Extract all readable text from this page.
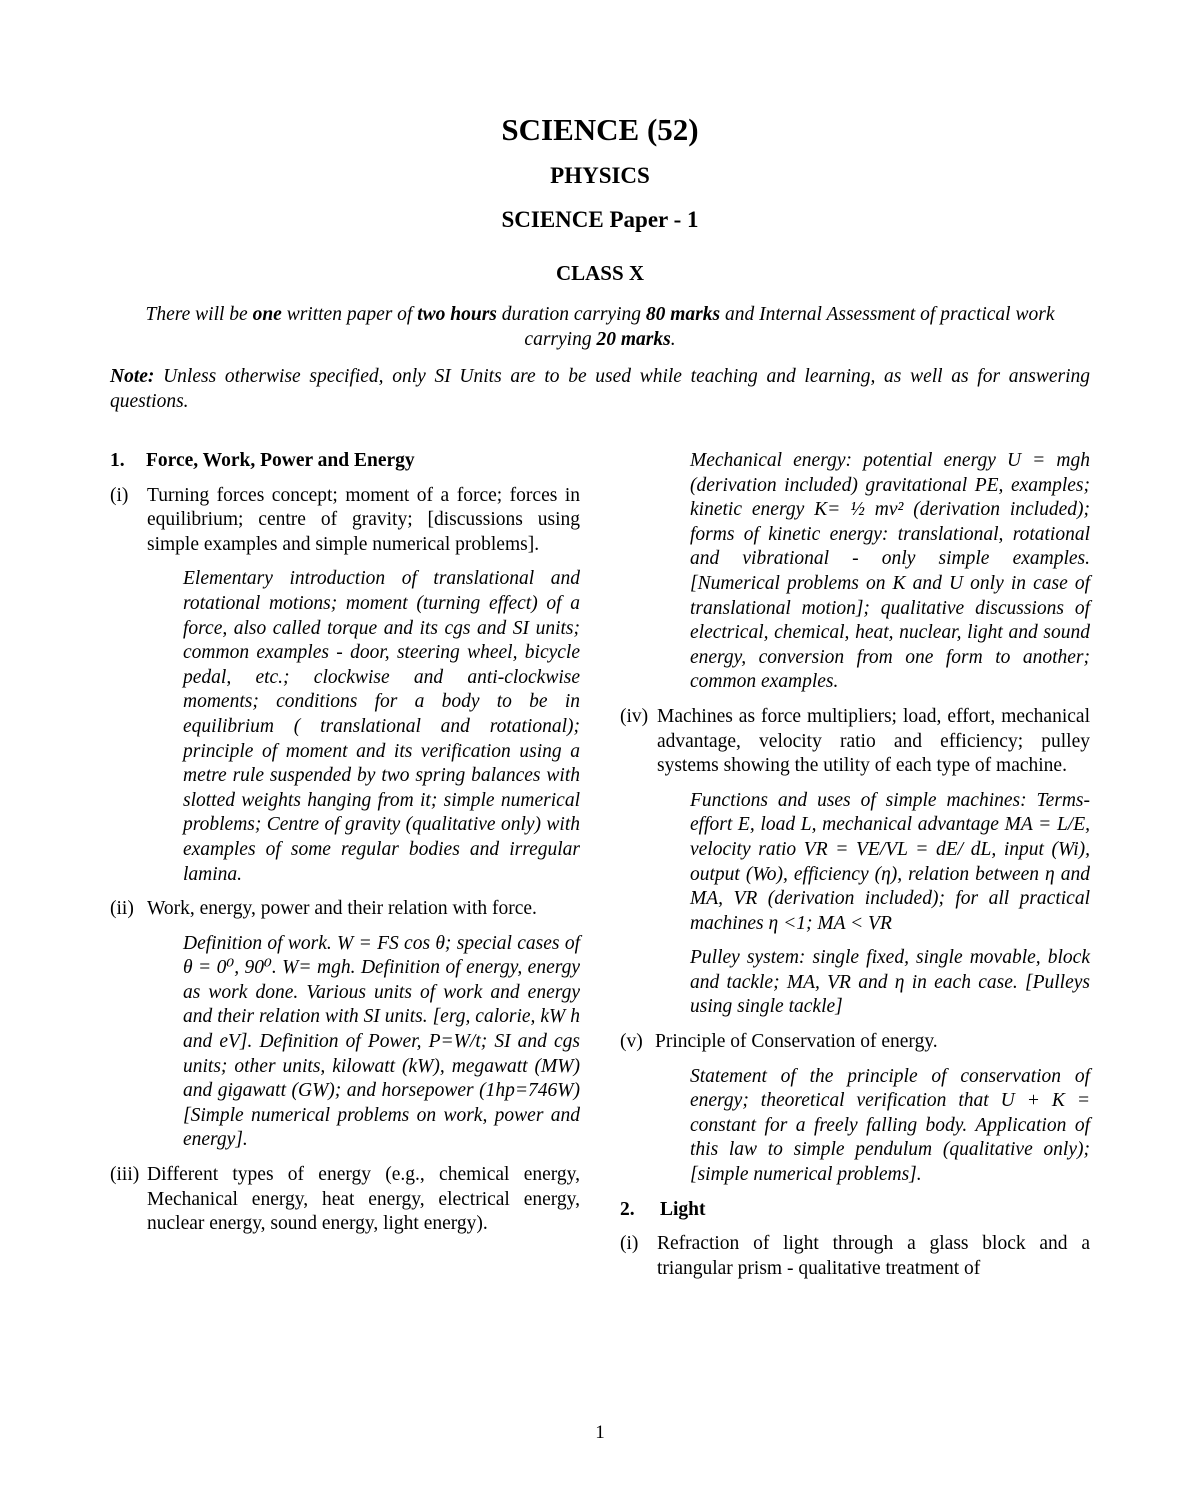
SCIENCE (52)
PHYSICS
SCIENCE Paper - 1
CLASS X
There will be one written paper of two hours duration carrying 80 marks and Internal Assessment of practical work carrying 20 marks.
Note: Unless otherwise specified, only SI Units are to be used while teaching and learning, as well as for answering questions.
1.	Force, Work, Power and Energy
(i) Turning forces concept; moment of a force; forces in equilibrium; centre of gravity; [discussions using simple examples and simple numerical problems].
Elementary introduction of translational and rotational motions; moment (turning effect) of a force, also called torque and its cgs and SI units; common examples - door, steering wheel, bicycle pedal, etc.; clockwise and anti-clockwise moments; conditions for a body to be in equilibrium ( translational and rotational); principle of moment and its verification using a metre rule suspended by two spring balances with slotted weights hanging from it; simple numerical problems; Centre of gravity (qualitative only) with examples of some regular bodies and irregular lamina.
(ii) Work, energy, power and their relation with force.
Definition of work. W = FS cos θ; special cases of θ = 0⁰, 90⁰. W= mgh. Definition of energy, energy as work done. Various units of work and energy and their relation with SI units. [erg, calorie, kW h and eV]. Definition of Power, P=W/t; SI and cgs units; other units, kilowatt (kW), megawatt (MW) and gigawatt (GW); and horsepower (1hp=746W) [Simple numerical problems on work, power and energy].
(iii) Different types of energy (e.g., chemical energy, Mechanical energy, heat energy, electrical energy, nuclear energy, sound energy, light energy).
Mechanical energy: potential energy U = mgh (derivation included) gravitational PE, examples; kinetic energy K= ½ mv² (derivation included); forms of kinetic energy: translational, rotational and vibrational - only simple examples. [Numerical problems on K and U only in case of translational motion]; qualitative discussions of electrical, chemical, heat, nuclear, light and sound energy, conversion from one form to another; common examples.
(iv) Machines as force multipliers; load, effort, mechanical advantage, velocity ratio and efficiency; pulley systems showing the utility of each type of machine.
Functions and uses of simple machines: Terms- effort E, load L, mechanical advantage MA = L/E, velocity ratio VR = VE/VL = dE/ dL, input (Wi), output (Wo), efficiency (η), relation between η and MA, VR (derivation included); for all practical machines η <1; MA < VR
Pulley system: single fixed, single movable, block and tackle; MA, VR and η in each case. [Pulleys using single tackle]
(v) Principle of Conservation of energy.
Statement of the principle of conservation of energy; theoretical verification that U + K = constant for a freely falling body. Application of this law to simple pendulum (qualitative only); [simple numerical problems].
2.	Light
(i) Refraction of light through a glass block and a triangular prism - qualitative treatment of
1
